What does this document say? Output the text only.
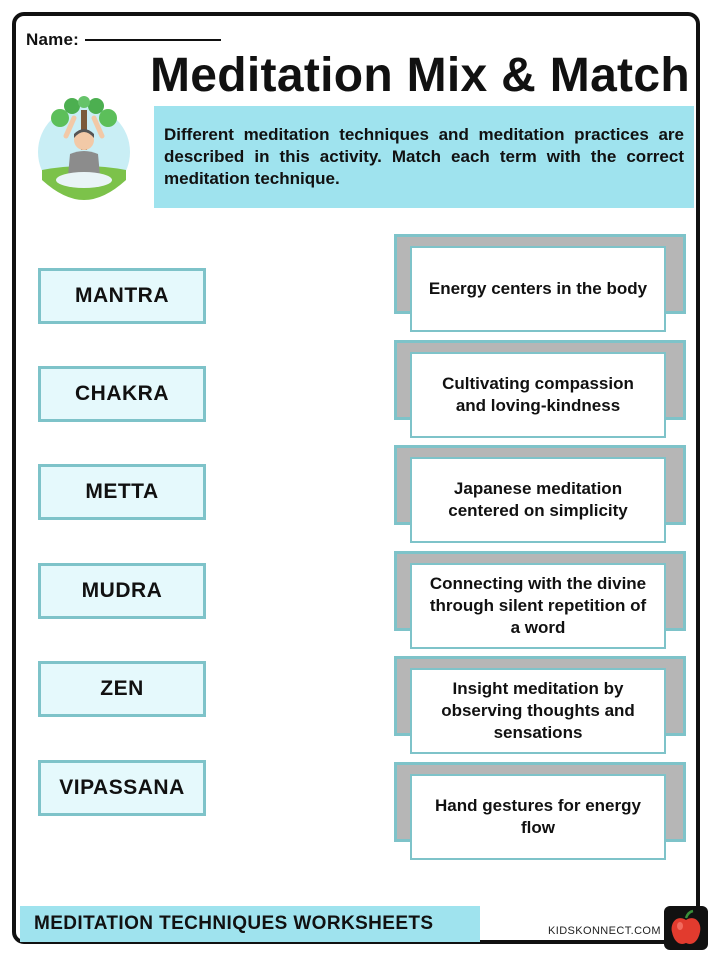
Name:
Meditation Mix & Match
Different meditation techniques and meditation practices are described in this activity. Match each term with the correct meditation technique.
MANTRA
CHAKRA
METTA
MUDRA
ZEN
VIPASSANA
Energy centers in the body
Cultivating compassion and loving-kindness
Japanese meditation centered on simplicity
Connecting with the divine through silent repetition of a word
Insight meditation by observing thoughts and sensations
Hand gestures for energy flow
MEDITATION TECHNIQUES WORKSHEETS	KIDSKONNECT.COM
